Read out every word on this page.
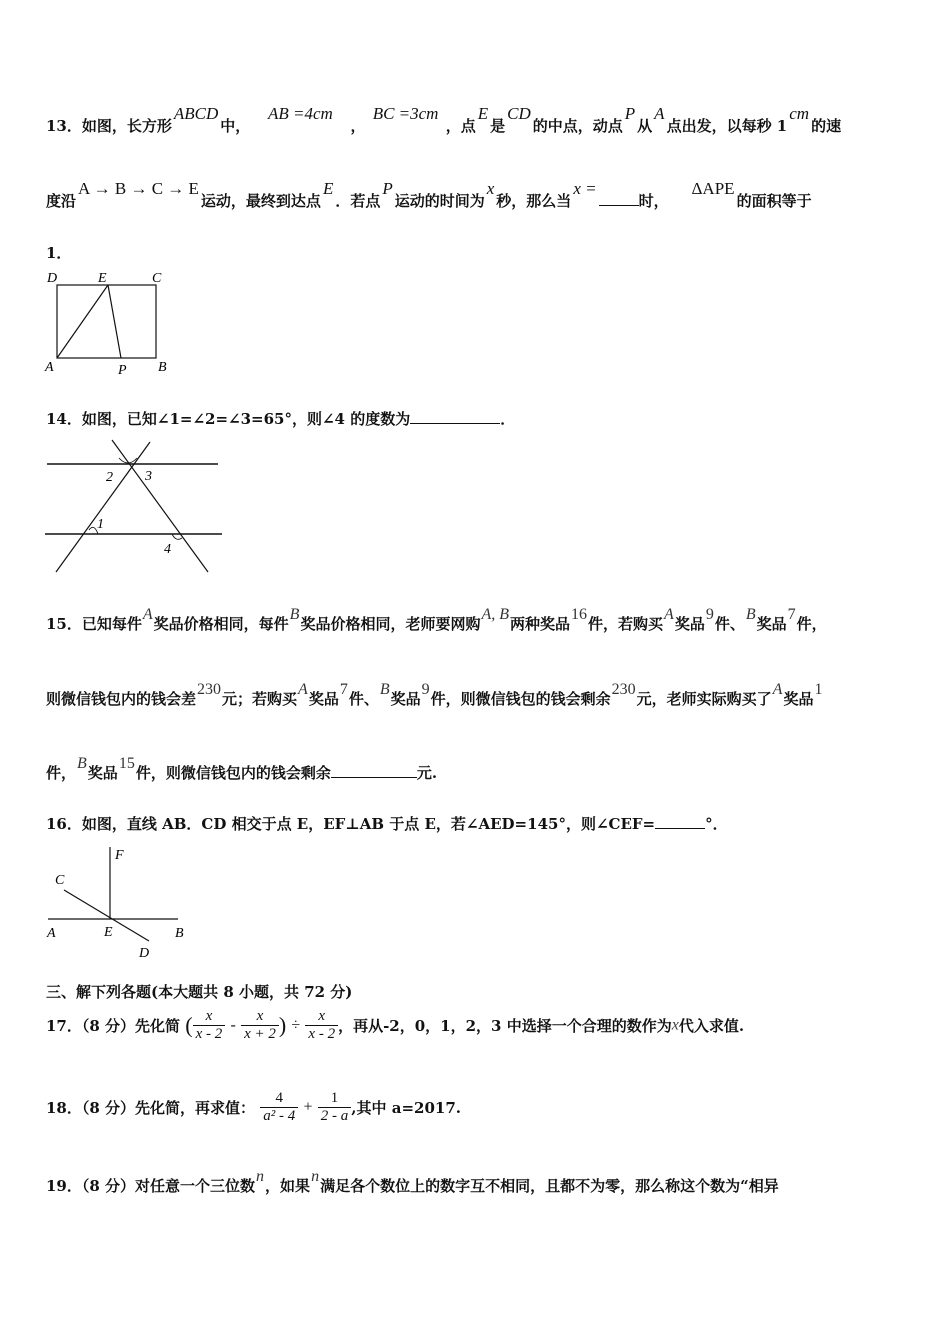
13．如图，长方形ABCD中，   AB =4cm   ， BC =3cm ，点E是CD的中点，动点P从A点出发，以每秒 1cm的速
度沿A → B → C → E运动，最终到达点E．若点P运动的时间为x秒，那么当x =时，    ΔAPE的面积等于
1．
D	E	C
A	P B
14．如图，已知∠1=∠2=∠3=65°，则∠4 的度数为	．
2 3
1
4
15．已知每件A奖品价格相同，每件B奖品价格相同，老师要网购A, B两种奖品16件，若购买A奖品9件、B奖品7件，
则微信钱包内的钱会差230元；若购买A奖品7件、B奖品9件，则微信钱包的钱会剩余230元，老师实际购买了A奖品1
件，B奖品15件，则微信钱包内的钱会剩余	元.
16．如图，直线 AB．CD 相交于点 E，EF⊥AB 于点 E，若∠AED=145°，则∠CEF=	°．
F
C
A	E	B
D
三、解下列各题(本大题共 8 小题，共 72 分)
17．（8 分）先化简 ( $\frac{x}{x - 2} - \frac{x}{x + 2}$ ) ÷ $\frac{x}{x - 2}$ ，再从-2，0，1，2，3 中选择一个合理的数作为x代入求值.
18．（8 分）先化简，再求值： $\frac{4}{\text{a² - 4}} + \frac{1}{2 - a}$ ,其中 a=2017.
19．（8 分）对任意一个三位数n，如果n满足各个数位上的数字互不相同，且都不为零，那么称这个数为“相异
